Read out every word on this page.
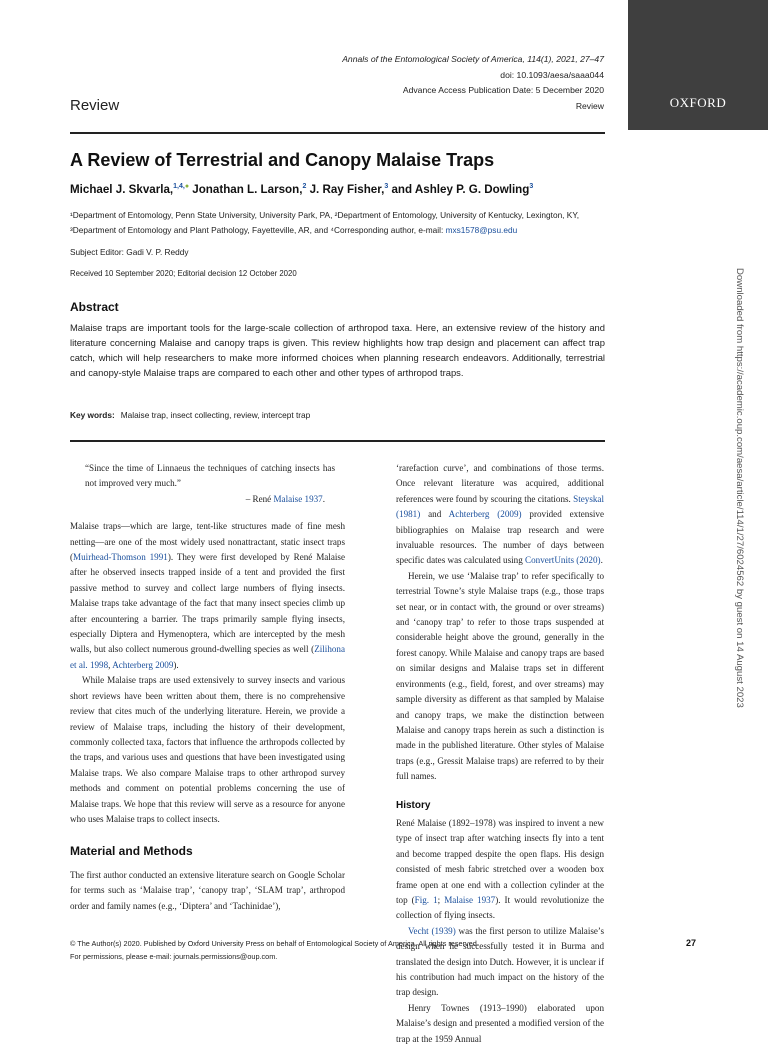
Annals of the Entomological Society of America, 114(1), 2021, 27–47
doi: 10.1093/aesa/saaa044
Advance Access Publication Date: 5 December 2020
Review	OXFORD
Review
A Review of Terrestrial and Canopy Malaise Traps
Michael J. Skvarla,$^{1,4,●}$ Jonathan L. Larson,$^2$ J. Ray Fisher,$^3$ and Ashley P. G. Dowling$^3$
¹Department of Entomology, Penn State University, University Park, PA, ²Department of Entomology, University of Kentucky, Lexington, KY, ³Department of Entomology and Plant Pathology, Fayetteville, AR, and ⁴Corresponding author, e-mail: mxs1578@psu.edu
Subject Editor: Gadi V. P. Reddy
Received 10 September 2020; Editorial decision 12 October 2020
Abstract

Malaise traps are important tools for the large-scale collection of arthropod taxa. Here, an extensive review of the history and literature concerning Malaise and canopy traps is given. This review highlights how trap design and placement can affect trap catch, which will help researchers to make more informed choices when planning research endeavors. Additionally, terrestrial and canopy-style Malaise traps are compared to each other and other types of arthropod traps.

Key words: Malaise trap, insect collecting, review, intercept trap
“Since the time of Linnaeus the techniques of catching insects has not improved very much.”
– René Malaise 1937.

Malaise traps—which are large, tent-like structures made of fine mesh netting—are one of the most widely used nonattractant, static insect traps (Muirhead-Thomson 1991). They were first developed by René Malaise after he observed insects trapped inside of a tent and provided the first passive method to survey and collect large numbers of flying insects. Malaise traps take advantage of the fact that many insect species climb up after encountering a barrier. The traps primarily sample flying insects, especially Diptera and Hymenoptera, which are intercepted by the mesh walls, but also collect numerous ground-dwelling species as well (Zilihona et al. 1998, Achterberg 2009).

While Malaise traps are used extensively to survey insects and various short reviews have been written about them, there is no comprehensive review that cites much of the underlying literature. Herein, we provide a review of Malaise traps, including the history of their development, commonly collected taxa, factors that influence the arthropods collected by the traps, and various uses and questions that have been investigated using Malaise traps. We also compare Malaise traps to other arthropod survey methods and comment on potential problems concerning the use of Malaise traps. We hope that this review will serve as a resource for anyone who uses Malaise traps to collect insects.

Material and Methods

The first author conducted an extensive literature search on Google Scholar for terms such as ‘Malaise trap’, ‘canopy trap’, ‘SLAM trap’, arthropod order and family names (e.g., ‘Diptera’ and ‘Tachinidae’),

‘rarefaction curve’, and combinations of those terms. Once relevant literature was acquired, additional references were found by scouring the citations. Steyskal (1981) and Achterberg (2009) provided extensive bibliographies on Malaise trap research and were invaluable resources. The number of days between specific dates was calculated using ConvertUnits (2020).

Herein, we use ‘Malaise trap’ to refer specifically to terrestrial Towne’s style Malaise traps (e.g., those traps set near, or in contact with, the ground or over streams) and ‘canopy trap’ to refer to those traps suspended at considerable height above the ground, generally in the forest canopy. While Malaise and canopy traps are based on similar designs and Malaise traps set in different environments (e.g., field, forest, and over streams) may sample diversity as different as that sampled by Malaise and canopy traps, we make the distinction between Malaise and canopy traps herein as such a distinction is made in the published literature. Other styles of Malaise traps (e.g., Gressit Malaise traps) are referred to by their full names.

History

René Malaise (1892–1978) was inspired to invent a new type of insect trap after watching insects fly into a tent and become trapped despite the open flaps. His design consisted of mesh fabric stretched over a wooden box frame open at one end with a collection cylinder at the top (Fig. 1; Malaise 1937). It would revolutionize the collection of flying insects.

Vecht (1939) was the first person to utilize Malaise’s design when he successfully tested it in Burma and translated the design into Dutch. However, it is unclear if his contribution had much impact on the history of the trap design.

Henry Townes (1913–1990) elaborated upon Malaise’s design and presented a modified version of the trap at the 1959 Annual

© The Author(s) 2020. Published by Oxford University Press on behalf of Entomological Society of America. All rights reserved.
For permissions, please e-mail: journals.permissions@oup.com.
27
Downloaded from https://academic.oup.com/aesa/article/114/1/27/6024562 by guest on 14 August 2023
